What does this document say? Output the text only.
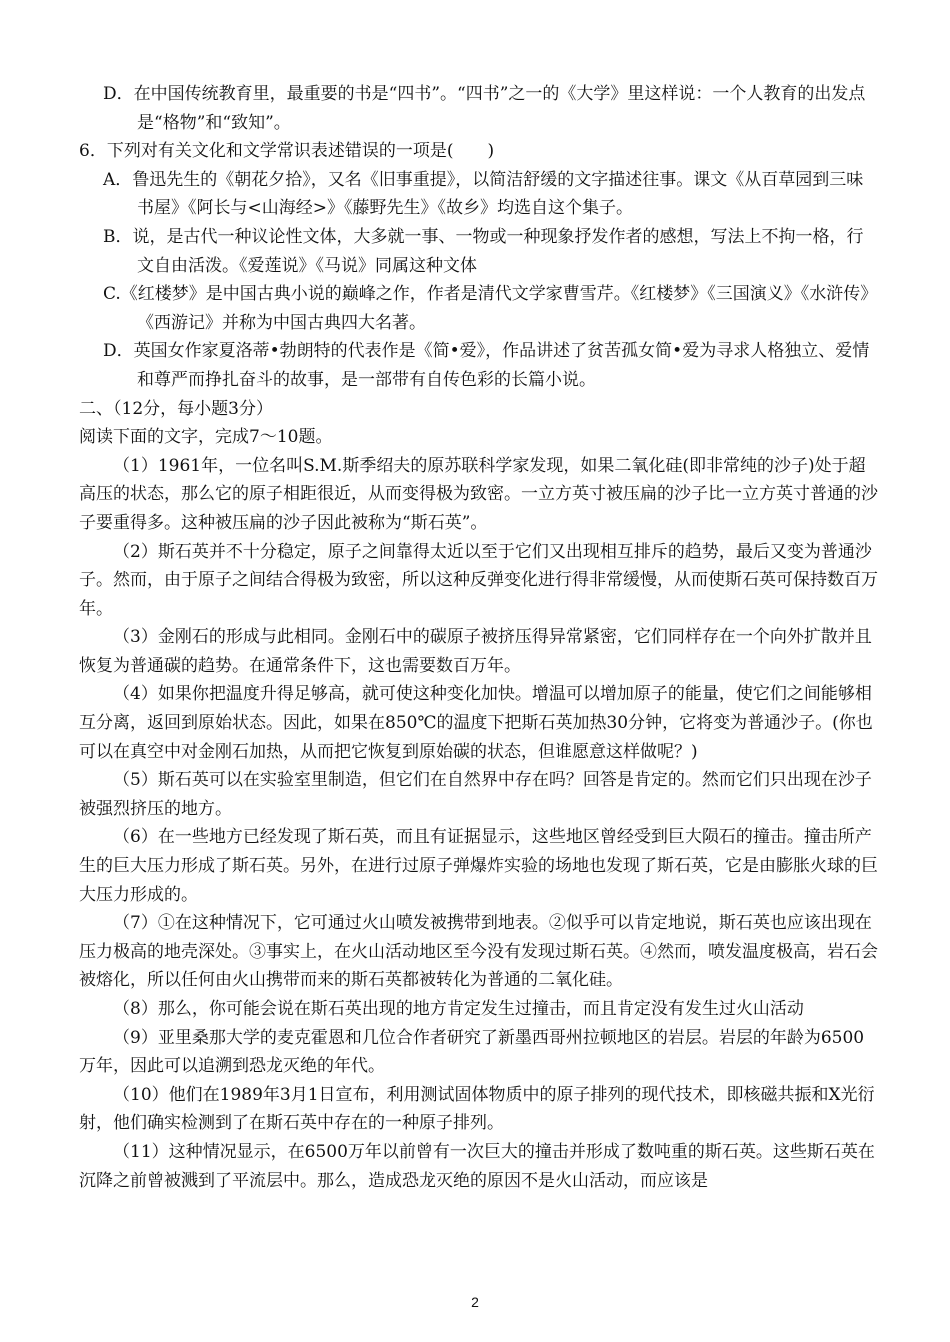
D．在中国传统教育里，最重要的书是“四书”。“四书”之一的《大学》里这样说：一个人教育的出发点是“格物”和“致知”。

6．下列对有关文化和文学常识表述错误的一项是(　　)

A．鲁迅先生的《朝花夕拾》，又名《旧事重提》，以简洁舒缓的文字描述往事。课文《从百草园到三味书屋》《阿长与<山海经>》《藤野先生》《故乡》均选自这个集子。

B．说，是古代一种议论性文体，大多就一事、一物或一种现象抒发作者的感想，写法上不拘一格，行文自由活泼。《爱莲说》《马说》同属这种文体

C.《红楼梦》是中国古典小说的巅峰之作，作者是清代文学家曹雪芹。《红楼梦》《三国演义》《水浒传》《西游记》并称为中国古典四大名著。

D．英国女作家夏洛蒂•勃朗特的代表作是《简•爱》，作品讲述了贫苦孤女简•爱为寻求人格独立、爱情和尊严而挣扎奋斗的故事，是一部带有自传色彩的长篇小说。

二、（12分，每小题3分）

阅读下面的文字，完成7～10题。

（1）1961年，一位名叫S.M.斯季绍夫的原苏联科学家发现，如果二氧化硅(即非常纯的沙子)处于超高压的状态，那么它的原子相距很近，从而变得极为致密。一立方英寸被压扁的沙子比一立方英寸普通的沙子要重得多。这种被压扁的沙子因此被称为“斯石英”。

（2）斯石英并不十分稳定，原子之间靠得太近以至于它们又出现相互排斥的趋势，最后又变为普通沙子。然而，由于原子之间结合得极为致密，所以这种反弹变化进行得非常缓慢，从而使斯石英可保持数百万年。

（3）金刚石的形成与此相同。金刚石中的碳原子被挤压得异常紧密，它们同样存在一个向外扩散并且恢复为普通碳的趋势。在通常条件下，这也需要数百万年。

（4）如果你把温度升得足够高，就可使这种变化加快。增温可以增加原子的能量，使它们之间能够相互分离，返回到原始状态。因此，如果在850℃的温度下把斯石英加热30分钟，它将变为普通沙子。(你也可以在真空中对金刚石加热，从而把它恢复到原始碳的状态，但谁愿意这样做呢？)

（5）斯石英可以在实验室里制造，但它们在自然界中存在吗？回答是肯定的。然而它们只出现在沙子被强烈挤压的地方。

（6）在一些地方已经发现了斯石英，而且有证据显示，这些地区曾经受到巨大陨石的撞击。撞击所产生的巨大压力形成了斯石英。另外，在进行过原子弹爆炸实验的场地也发现了斯石英，它是由膨胀火球的巨大压力形成的。

（7）①在这种情况下，它可通过火山喷发被携带到地表。②似乎可以肯定地说，斯石英也应该出现在压力极高的地壳深处。③事实上，在火山活动地区至今没有发现过斯石英。④然而，喷发温度极高，岩石会被熔化，所以任何由火山携带而来的斯石英都被转化为普通的二氧化硅。

（8）那么，你可能会说在斯石英出现的地方肯定发生过撞击，而且肯定没有发生过火山活动

（9）亚里桑那大学的麦克霍恩和几位合作者研究了新墨西哥州拉顿地区的岩层。岩层的年龄为6500万年，因此可以追溯到恐龙灭绝的年代。

（10）他们在1989年3月1日宣布，利用测试固体物质中的原子排列的现代技术，即核磁共振和X光衍射，他们确实检测到了在斯石英中存在的一种原子排列。

（11）这种情况显示，在6500万年以前曾有一次巨大的撞击并形成了数吨重的斯石英。这些斯石英在沉降之前曾被溅到了平流层中。那么，造成恐龙灭绝的原因不是火山活动，而应该是

2
